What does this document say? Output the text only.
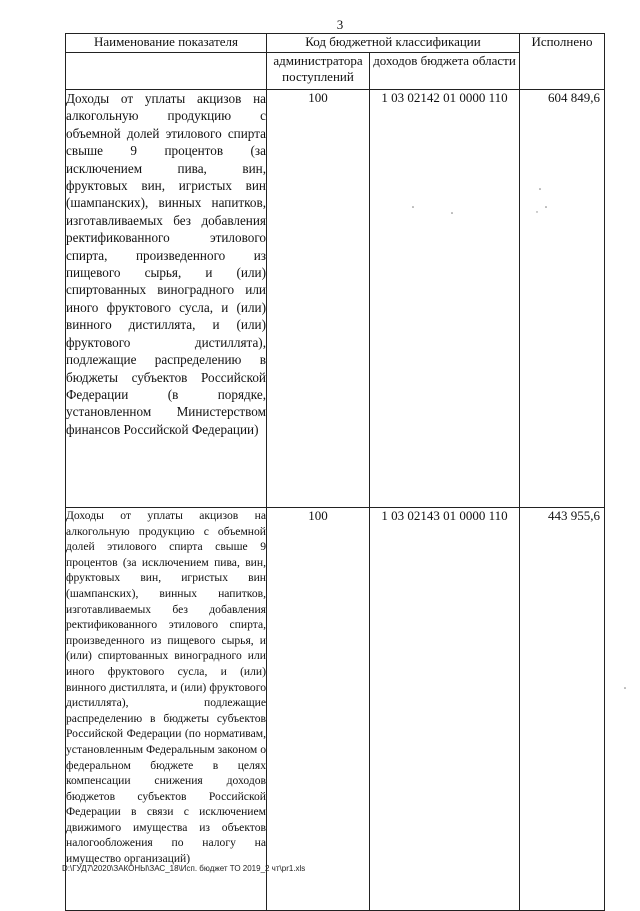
3
Наименование показателя	Код бюджетной классификации		Исполнено
	администратора поступлений	доходов бюджета области	
Доходы от уплаты акцизов на алкогольную продукцию с объемной долей этилового спирта свыше 9 процентов (за исключением пива, вин, фруктовых вин, игристых вин (шампанских), винных напитков, изготавливаемых без добавления ректификованного этилового спирта, произведенного из пищевого сырья, и (или) спиртованных виноградного или иного фруктового сусла, и (или) винного дистиллята, и (или) фруктового дистиллята), подлежащие распределению в бюджеты субъектов Российской Федерации (в порядке, установленном Министерством финансов Российской Федерации)	100	1 03 02142 01 0000 110	604 849,6
Доходы от уплаты акцизов на алкогольную продукцию с объемной долей этилового спирта свыше 9 процентов (за исключением пива, вин, фруктовых вин, игристых вин (шампанских), винных напитков, изготавливаемых без добавления ректификованного этилового спирта, произведенного из пищевого сырья, и (или) спиртованных виноградного или иного фруктового сусла, и (или) винного дистиллята, и (или) фруктового дистиллята), подлежащие распределению в бюджеты субъектов Российской Федерации (по нормативам, установленным Федеральным законом о федеральном бюджете в целях компенсации снижения доходов бюджетов субъектов Российской Федерации в связи с исключением движимого имущества из объектов налогообложения по налогу на имущество организаций)	100	1 03 02143 01 0000 110	443 955,6
D:\ГУД7\2020\ЗАКОНЫ\ЗАС_18\Исп. бюджет ТО 2019_2 чт\pr1.xls
